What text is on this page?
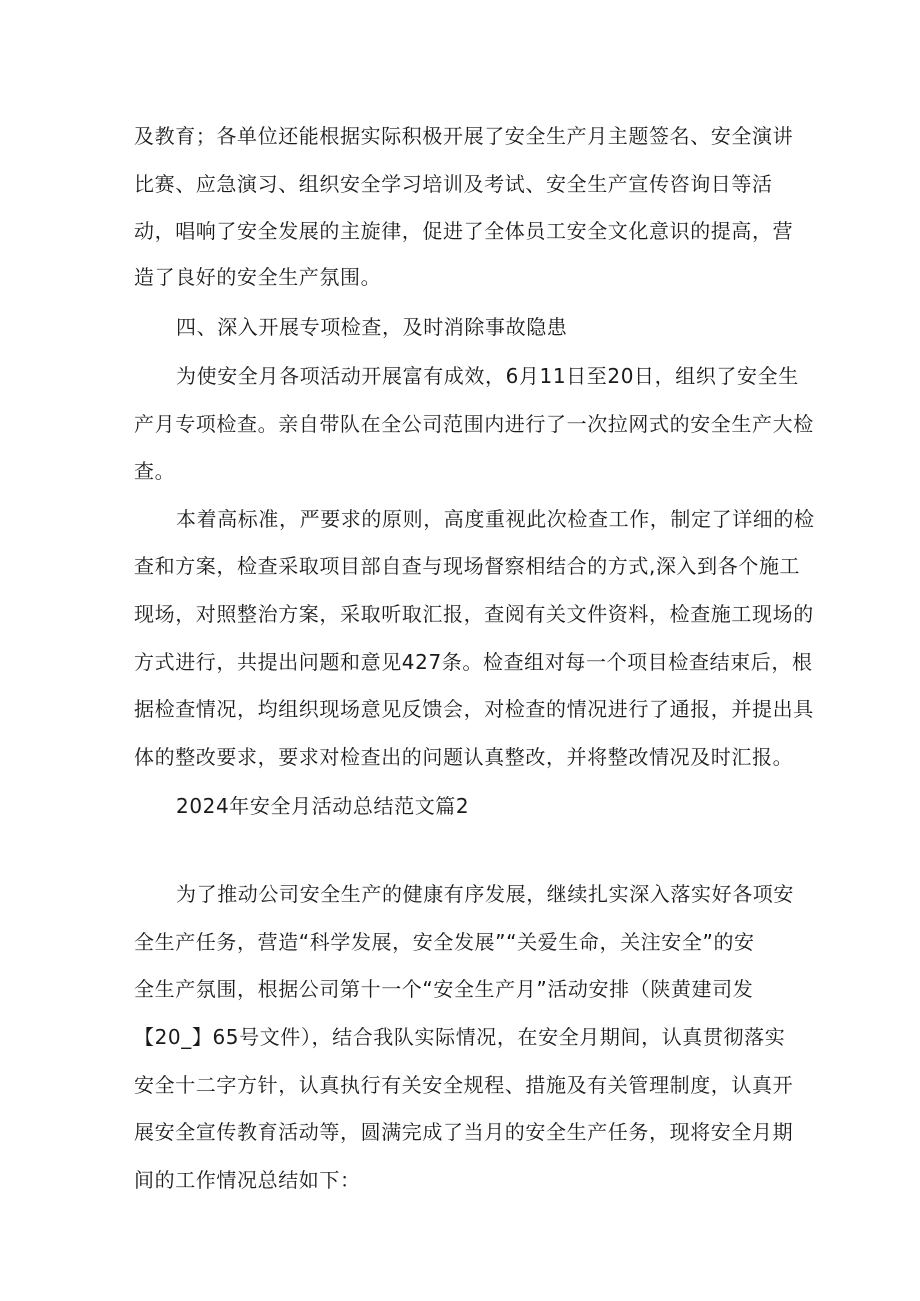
及教育；各单位还能根据实际积极开展了安全生产月主题签名、安全演讲
比赛、应急演习、组织安全学习培训及考试、安全生产宣传咨询日等活
动，唱响了安全发展的主旋律，促进了全体员工安全文化意识的提高，营
造了良好的安全生产氛围。
四、深入开展专项检查，及时消除事故隐患
为使安全月各项活动开展富有成效，6月11日至20日，组织了安全生
产月专项检查。亲自带队在全公司范围内进行了一次拉网式的安全生产大检
查。
本着高标准，严要求的原则，高度重视此次检查工作，制定了详细的检
查和方案，检查采取项目部自查与现场督察相结合的方式,深入到各个施工
现场，对照整治方案，采取听取汇报，查阅有关文件资料，检查施工现场的
方式进行，共提出问题和意见427条。检查组对每一个项目检查结束后，根
据检查情况，均组织现场意见反馈会，对检查的情况进行了通报，并提出具
体的整改要求，要求对检查出的问题认真整改，并将整改情况及时汇报。
2024年安全月活动总结范文篇2
为了推动公司安全生产的健康有序发展，继续扎实深入落实好各项安
全生产任务，营造“科学发展，安全发展”“关爱生命，关注安全”的安
全生产氛围，根据公司第十一个“安全生产月”活动安排（陕黄建司发
【20_】65号文件），结合我队实际情况，在安全月期间，认真贯彻落实
安全十二字方针，认真执行有关安全规程、措施及有关管理制度，认真开
展安全宣传教育活动等，圆满完成了当月的安全生产任务，现将安全月期
间的工作情况总结如下：
